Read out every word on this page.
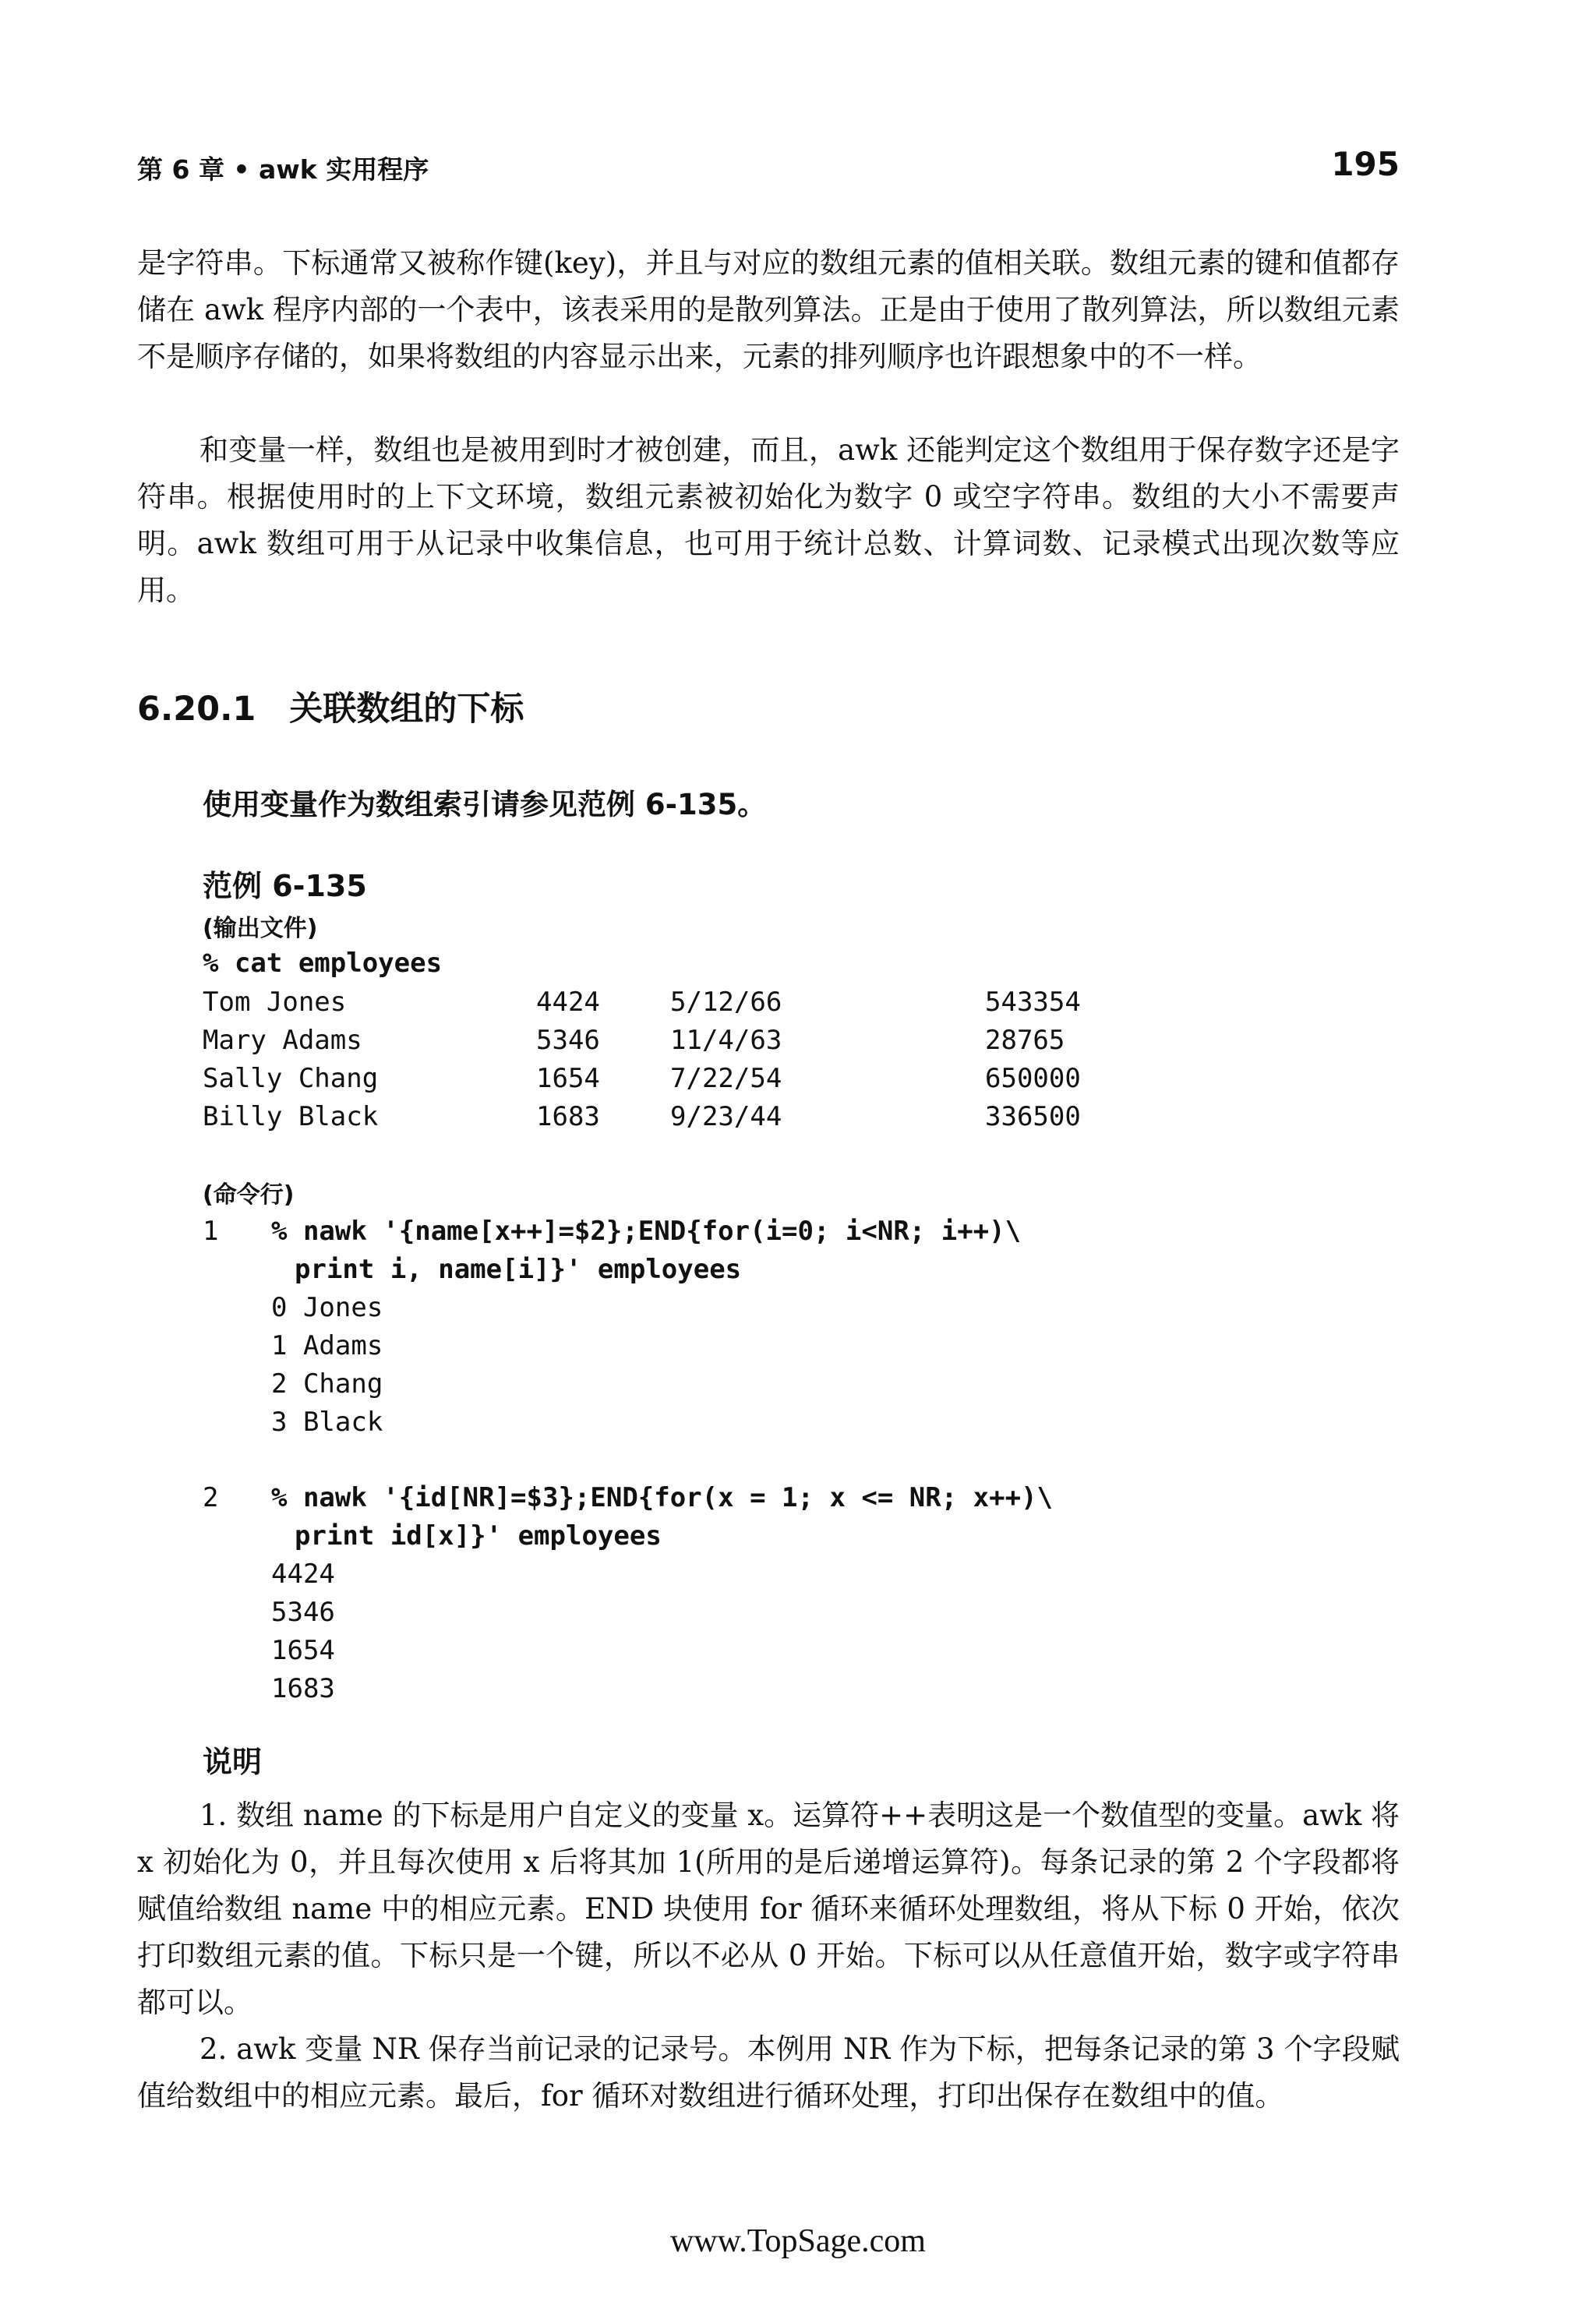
第 6 章 • awk 实用程序	195
是字符串。下标通常又被称作键(key)，并且与对应的数组元素的值相关联。数组元素的键和值都存储在 awk 程序内部的一个表中，该表采用的是散列算法。正是由于使用了散列算法，所以数组元素不是顺序存储的，如果将数组的内容显示出来，元素的排列顺序也许跟想象中的不一样。
和变量一样，数组也是被用到时才被创建，而且，awk 还能判定这个数组用于保存数字还是字符串。根据使用时的上下文环境，数组元素被初始化为数字 0 或空字符串。数组的大小不需要声明。awk 数组可用于从记录中收集信息，也可用于统计总数、计算词数、记录模式出现次数等应用。
6.20.1　关联数组的下标
使用变量作为数组索引请参见范例 6-135。
范例 6-135
(输出文件)
% cat employees
Tom Jones	4424	5/12/66	543354
Mary Adams	5346	11/4/63	28765
Sally Chang	1654	7/22/54	650000
Billy Black	1683	9/23/44	336500
(命令行)
1 % nawk '{name[x++]=$2};END{for(i=0; i<NR; i++)\
print i, name[i]}' employees
0 Jones
1 Adams
2 Chang
3 Black
2 % nawk '{id[NR]=$3};END{for(x = 1; x <= NR; x++)\
print id[x]}' employees
4424
5346
1654
1683
说明
1. 数组 name 的下标是用户自定义的变量 x。运算符++表明这是一个数值型的变量。awk 将 x 初始化为 0，并且每次使用 x 后将其加 1(所用的是后递增运算符)。每条记录的第 2 个字段都将赋值给数组 name 中的相应元素。END 块使用 for 循环来循环处理数组，将从下标 0 开始，依次打印数组元素的值。下标只是一个键，所以不必从 0 开始。下标可以从任意值开始，数字或字符串都可以。
2. awk 变量 NR 保存当前记录的记录号。本例用 NR 作为下标，把每条记录的第 3 个字段赋值给数组中的相应元素。最后，for 循环对数组进行循环处理，打印出保存在数组中的值。
www.TopSage.com
